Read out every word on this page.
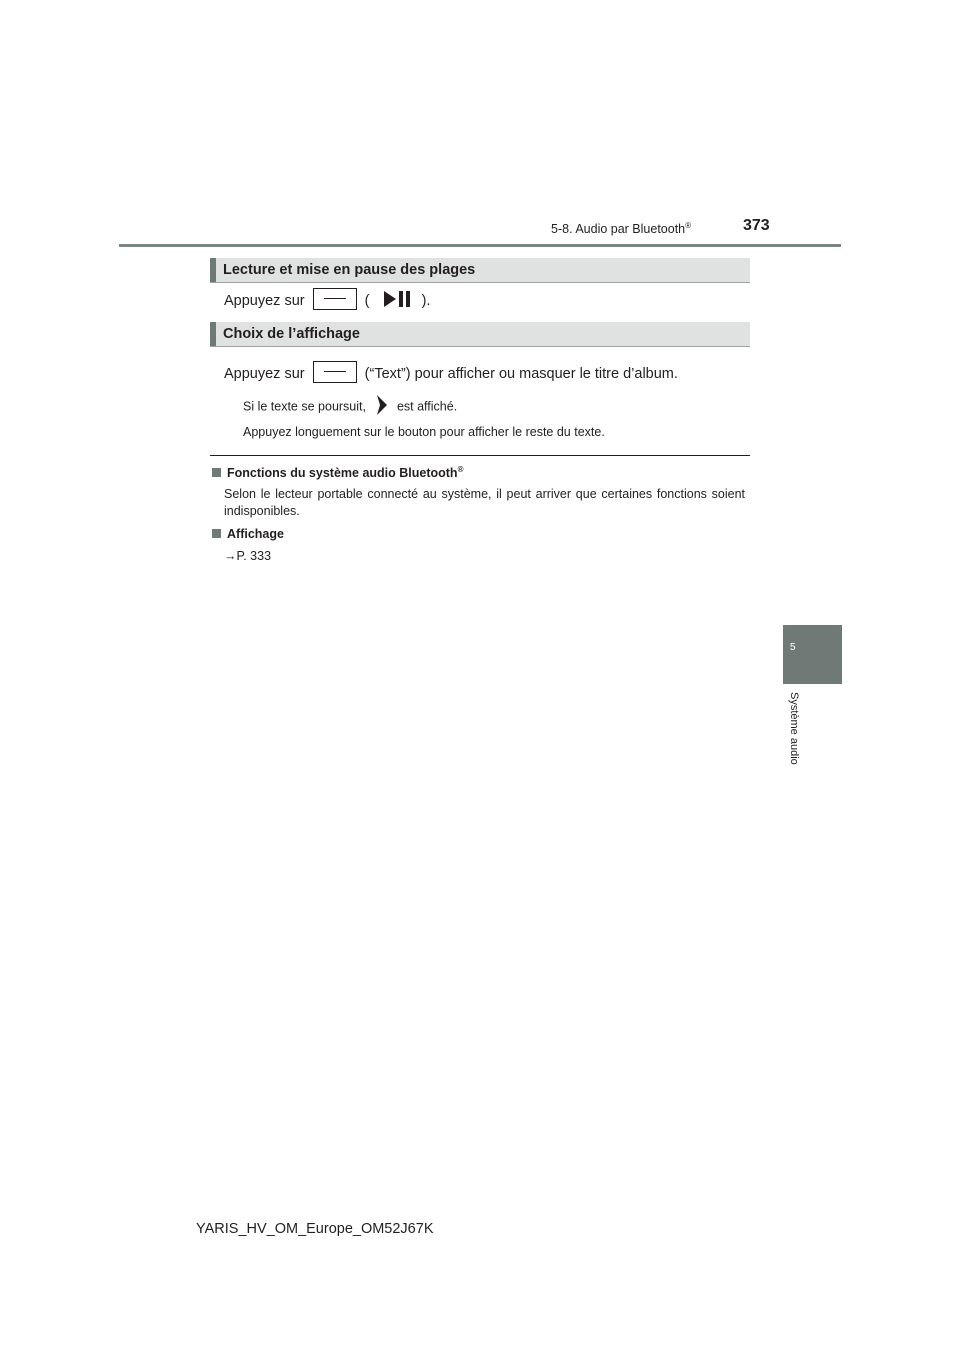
5-8. Audio par Bluetooth®	373
5
Système audio
Lecture et mise en pause des plages
Appuyez sur	(	).
Choix de l’affichage
Appuyez sur	(“Text”) pour afficher ou masquer le titre d’album.
Si le texte se poursuit, est affiché.
Appuyez longuement sur le bouton pour afficher le reste du texte.
Fonctions du système audio Bluetooth®
Selon le lecteur portable connecté au système, il peut arriver que certaines fonctions soient indisponibles.
Affichage
→P. 333
YARIS_HV_OM_Europe_OM52J67K
